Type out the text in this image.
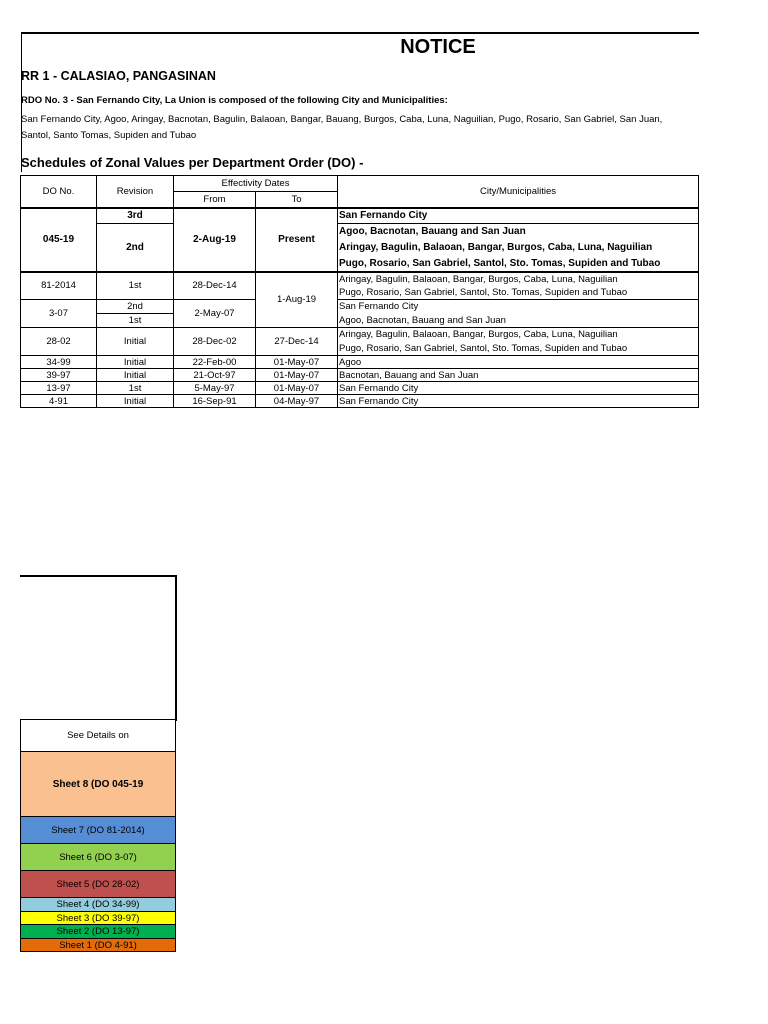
NOTICE
RR 1 - CALASIAO, PANGASINAN
RDO No. 3 - San Fernando City, La Union is composed of the following City and Municipalities:
San Fernando City, Agoo, Aringay, Bacnotan, Bagulin, Balaoan, Bangar, Bauang, Burgos, Caba, Luna, Naguilian, Pugo, Rosario, San Gabriel, San Juan,
Santol, Santo Tomas, Supiden and Tubao
Schedules of Zonal Values per Department Order (DO) -
DO No.	Revision	Effectivity Dates		City/Municipalities
		From	To	
045-19	3rd	2-Aug-19	Present	San Fernando City
	2nd			Agoo, Bacnotan, Bauang and San Juan
				Aringay, Bagulin, Balaoan, Bangar, Burgos, Caba, Luna, Naguilian
				Pugo, Rosario, San Gabriel, Santol, Sto. Tomas, Supiden and Tubao
81-2014	1st	28-Dec-14	1-Aug-19	Aringay, Bagulin, Balaoan, Bangar, Burgos, Caba, Luna, Naguilian
				Pugo, Rosario, San Gabriel, Santol, Sto. Tomas, Supiden and Tubao
3-07	2nd	2-May-07		San Fernando City
	1st			Agoo, Bacnotan, Bauang and San Juan
28-02	Initial	28-Dec-02	27-Dec-14	Aringay, Bagulin, Balaoan, Bangar, Burgos, Caba, Luna, Naguilian
				Pugo, Rosario, San Gabriel, Santol, Sto. Tomas, Supiden and Tubao
34-99	Initial	22-Feb-00	01-May-07	Agoo
39-97	Initial	21-Oct-97	01-May-07	Bacnotan, Bauang and San Juan
13-97	1st	5-May-97	01-May-07	San Fernando City
4-91	Initial	16-Sep-91	04-May-97	San Fernando City
See Details on
Sheet 8 (DO 045-19
Sheet 7 (DO 81-2014)
Sheet 6 (DO 3-07)
Sheet 5 (DO 28-02)
Sheet 4 (DO 34-99)
Sheet 3 (DO 39-97)
Sheet 2 (DO 13-97)
Sheet 1 (DO 4-91)
